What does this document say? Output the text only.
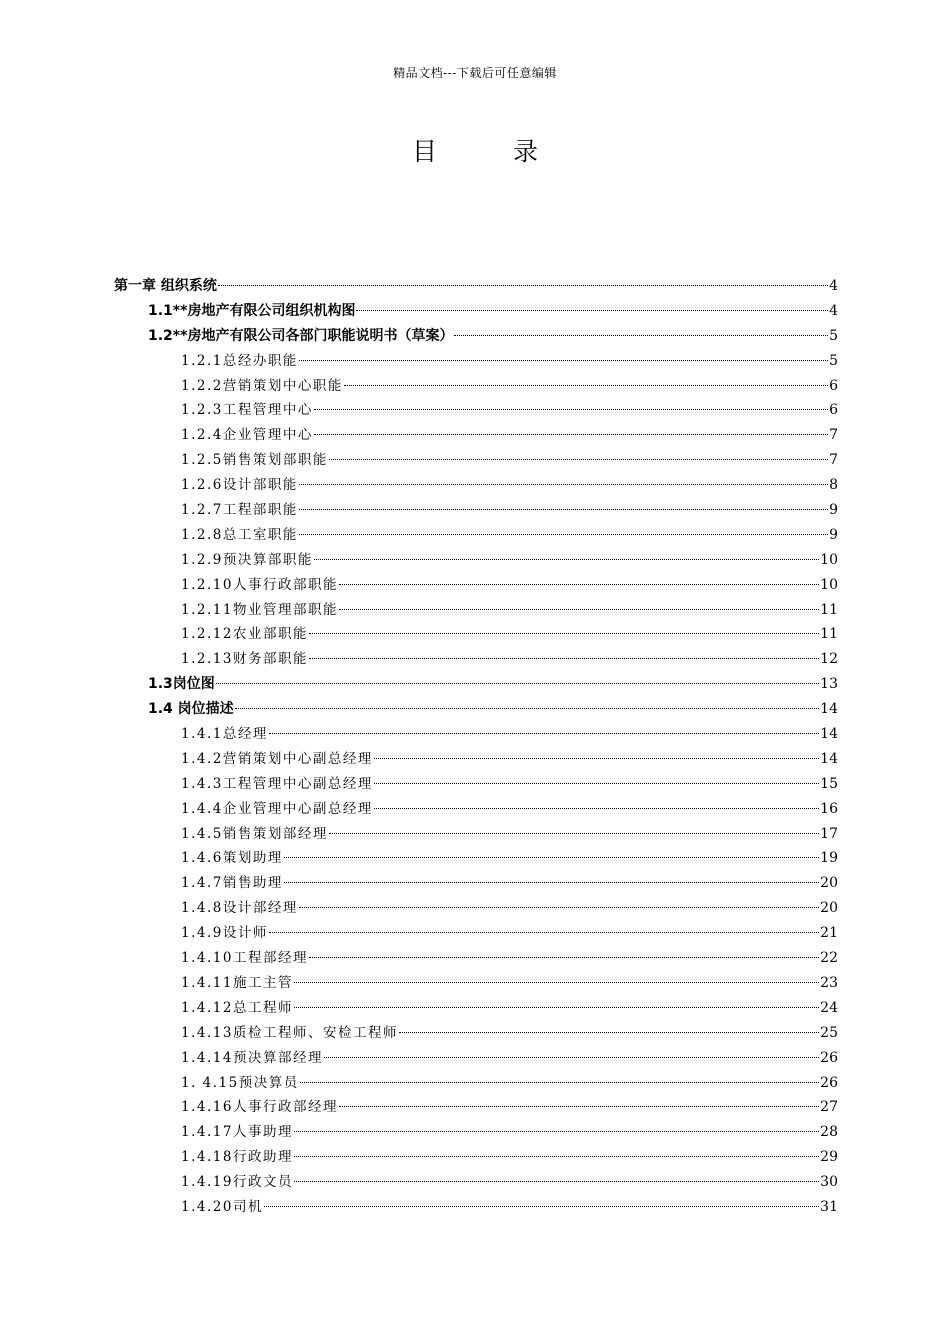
精品文档---下载后可任意编辑
目 录
第一章 组织系统	4
1.1**房地产有限公司组织机构图	4
1.2**房地产有限公司各部门职能说明书（草案）	5
1.2.1总经办职能	5
1.2.2营销策划中心职能	6
1.2.3工程管理中心	6
1.2.4企业管理中心	7
1.2.5销售策划部职能	7
1.2.6设计部职能	8
1.2.7工程部职能	9
1.2.8总工室职能	9
1.2.9预决算部职能	10
1.2.10人事行政部职能	10
1.2.11物业管理部职能	11
1.2.12农业部职能	11
1.2.13财务部职能	12
1.3岗位图	13
1.4 岗位描述	14
1.4.1总经理	14
1.4.2营销策划中心副总经理	14
1.4.3工程管理中心副总经理	15
1.4.4企业管理中心副总经理	16
1.4.5销售策划部经理	17
1.4.6策划助理	19
1.4.7销售助理	20
1.4.8设计部经理	20
1.4.9设计师	21
1.4.10工程部经理	22
1.4.11施工主管	23
1.4.12总工程师	24
1.4.13质检工程师、安检工程师	25
1.4.14预决算部经理	26
1. 4.15预决算员	26
1.4.16人事行政部经理	27
1.4.17人事助理	28
1.4.18行政助理	29
1.4.19行政文员	30
1.4.20司机	31
